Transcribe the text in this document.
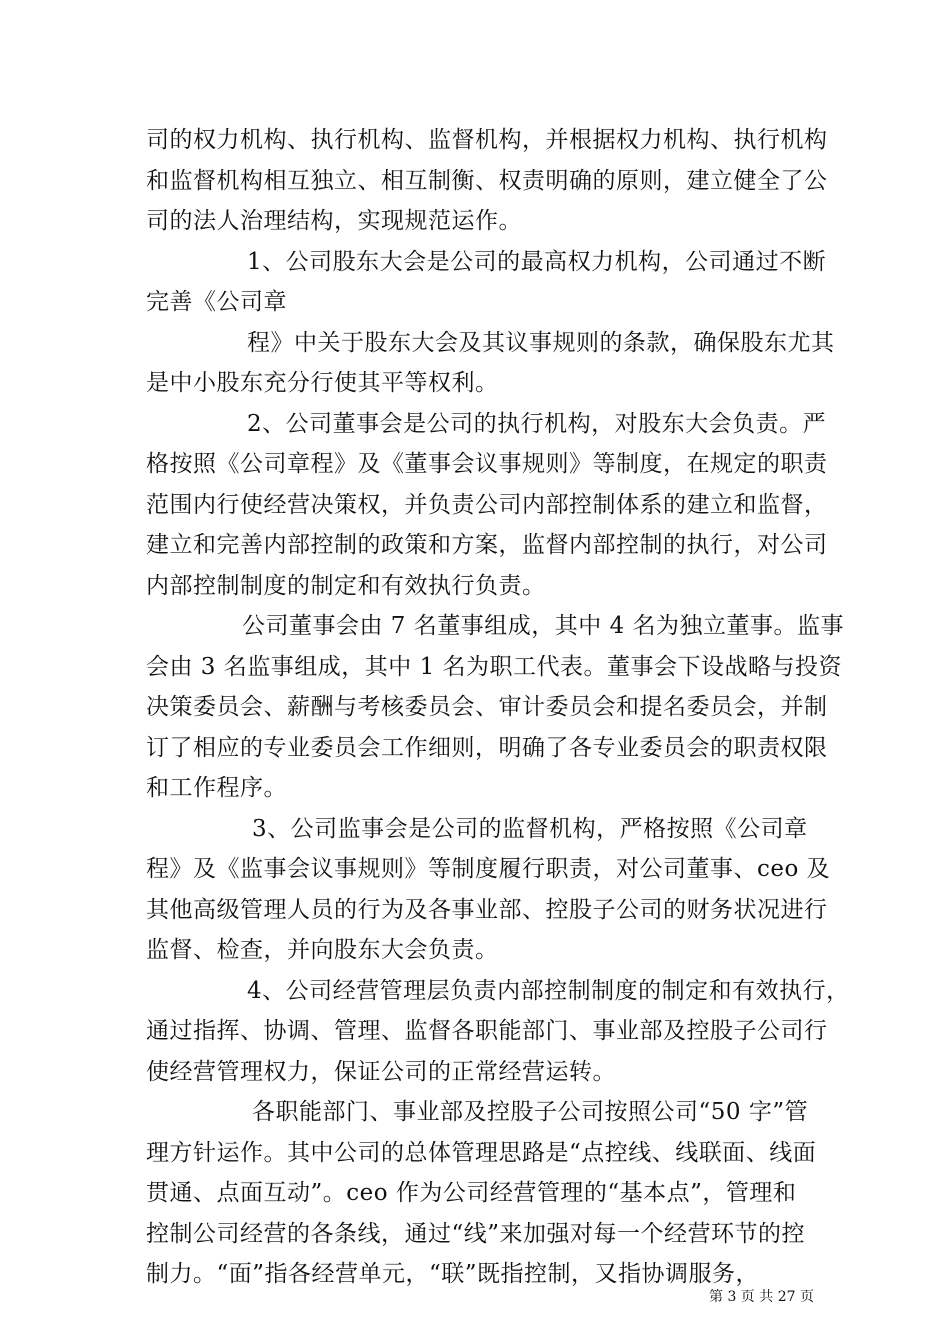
司的权力机构、执行机构、监督机构，并根据权力机构、执行机构
和监督机构相互独立、相互制衡、权责明确的原则，建立健全了公
司的法人治理结构，实现规范运作。
1、公司股东大会是公司的最高权力机构，公司通过不断
完善《公司章
程》中关于股东大会及其议事规则的条款，确保股东尤其
是中小股东充分行使其平等权利。
2、公司董事会是公司的执行机构，对股东大会负责。严
格按照《公司章程》及《董事会议事规则》等制度，在规定的职责
范围内行使经营决策权，并负责公司内部控制体系的建立和监督，
建立和完善内部控制的政策和方案，监督内部控制的执行，对公司
内部控制制度的制定和有效执行负责。
公司董事会由 7 名董事组成，其中 4 名为独立董事。监事
会由 3 名监事组成，其中 1 名为职工代表。董事会下设战略与投资
决策委员会、薪酬与考核委员会、审计委员会和提名委员会，并制
订了相应的专业委员会工作细则，明确了各专业委员会的职责权限
和工作程序。
3、公司监事会是公司的监督机构，严格按照《公司章
程》及《监事会议事规则》等制度履行职责，对公司董事、ceo 及
其他高级管理人员的行为及各事业部、控股子公司的财务状况进行
监督、检查，并向股东大会负责。
4、公司经营管理层负责内部控制制度的制定和有效执行，
通过指挥、协调、管理、监督各职能部门、事业部及控股子公司行
使经营管理权力，保证公司的正常经营运转。
各职能部门、事业部及控股子公司按照公司“50 字”管
理方针运作。其中公司的总体管理思路是“点控线、线联面、线面
贯通、点面互动”。ceo 作为公司经营管理的“基本点”，管理和
控制公司经营的各条线，通过“线”来加强对每一个经营环节的控
制力。“面”指各经营单元，“联”既指控制，又指协调服务，
第 3 页 共 27 页
